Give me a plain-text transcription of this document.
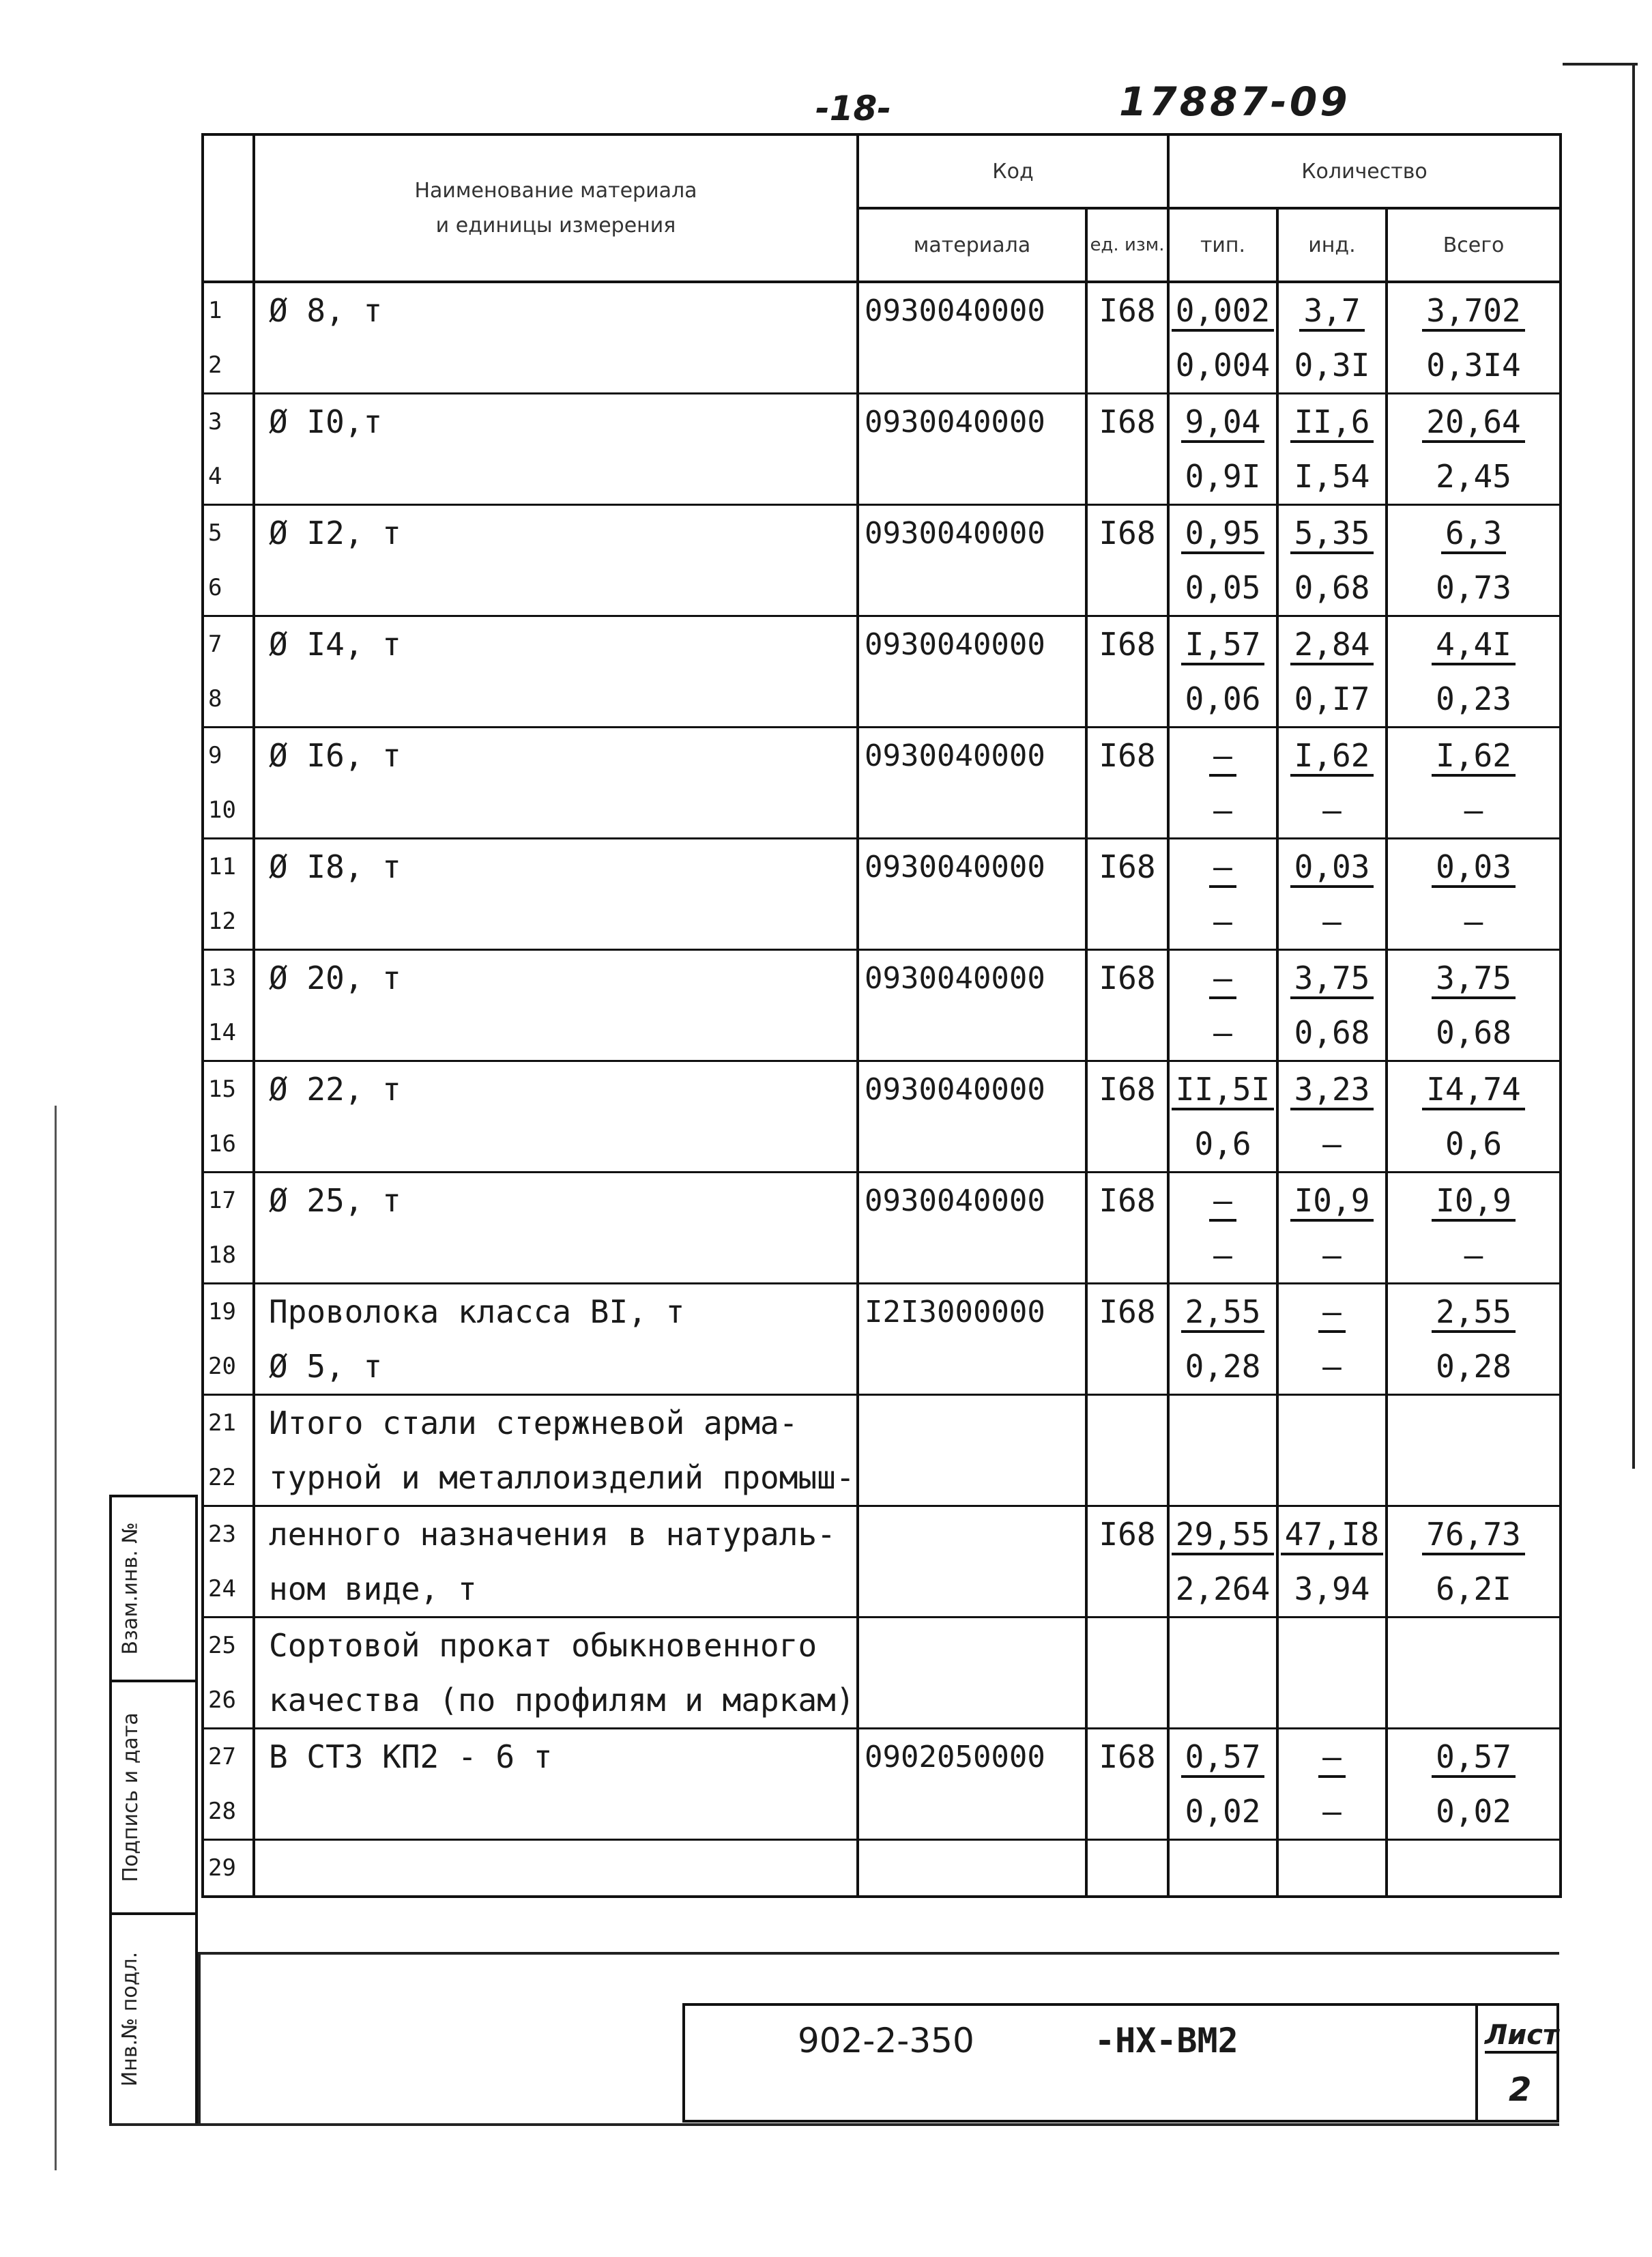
-18-	17887-09

	Наименование материала
и единицы измерения	Код		Количество		
		материала	ед. изм.	тип.	инд.	Всего
1	Ø 8, т	0930040000	I68	0,002	3,7	3,702
2				0,004	0,3I	0,3I4
3	Ø I0,т	0930040000	I68	9,04	II,6	20,64
4				0,9I	I,54	2,45
5	Ø I2, т	0930040000	I68	0,95	5,35	6,3
6				0,05	0,68	0,73
7	Ø I4, т	0930040000	I68	I,57	2,84	4,4I
8				0,06	0,I7	0,23
9	Ø I6, т	0930040000	I68	–	I,62	I,62
10				–	–	–
11	Ø I8, т	0930040000	I68	–	0,03	0,03
12				–	–	–
13	Ø 20, т	0930040000	I68	–	3,75	3,75
14				–	0,68	0,68
15	Ø 22, т	0930040000	I68	II,5I	3,23	I4,74
16				0,6	–	0,6
17	Ø 25, т	0930040000	I68	–	I0,9	I0,9
18				–	–	–
19	Проволока класса BI, т	I2I3000000	I68	2,55	–	2,55
20	Ø 5, т			0,28	–	0,28
21	Итого стали стержневой арма-					
22	турной и металлоизделий промыш-					
23	ленного назначения в натураль-		I68	29,55	47,I8	76,73
24	ном виде, т			2,264	3,94	6,2I
25	Сортовой прокат обыкновенного					
26	качества (по профилям и маркам)					
27	В СТЗ КП2 - 6 т	0902050000	I68	0,57	–	0,57
28				0,02	–	0,02
29						
Взам.инв. №
Подпись и дата
Инв.№ подл.	902-2-350	-НХ-ВМ2	Лист
2
